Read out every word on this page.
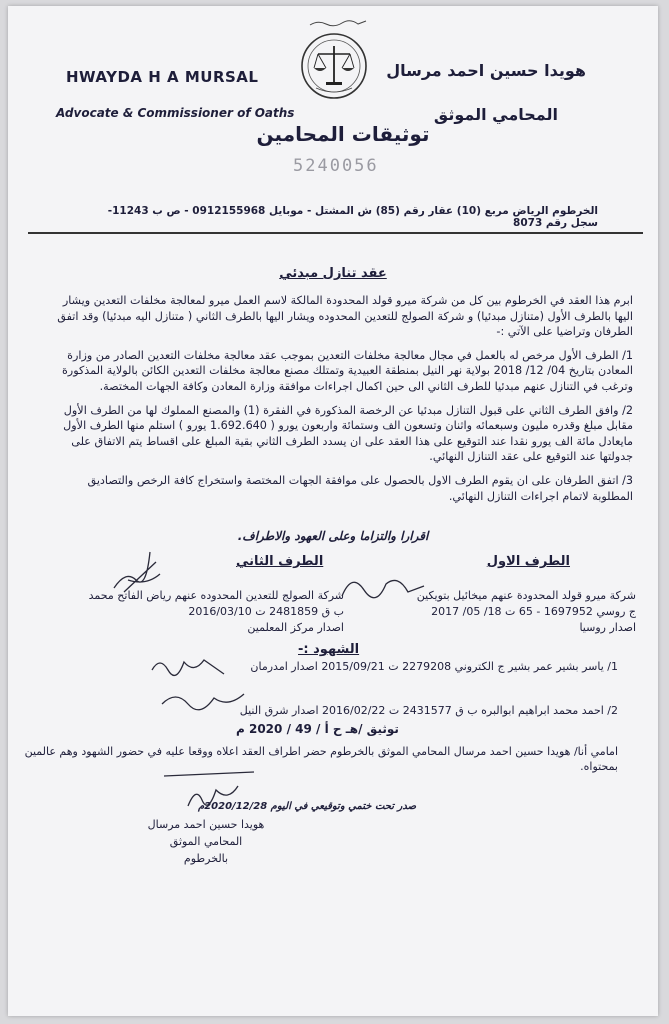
HWAYDA H A MURSAL
Advocate & Commissioner of Oaths
هويدا حسين احمد مرسال
المحامي الموثق
توثيقات المحامين
5240056
الخرطوم الرياض مربع (10) عقار رقم (85) ش المشتل - موبايل 0912155968 - ص ب 11243- سجل رقم 8073
عقد تنازل مبدئي

ابرم هذا العقد في الخرطوم بين كل من شركة ميرو قولد المحدودة المالكة لاسم العمل ميرو لمعالجة مخلفات التعدين ويشار اليها بالطرف الأول (متنازل مبدئيا) و شركة الصولج للتعدين المحدوده ويشار اليها بالطرف الثاني ( متنازل اليه مبدئيا) وقد اتفق الطرفان وتراضيا على الآتي :-

1/ الطرف الأول مرخص له بالعمل في مجال معالجة مخلفات التعدين بموجب عقد معالجة مخلفات التعدين الصادر من وزارة المعادن بتاريخ 04/ 12/ 2018 بولاية نهر النيل بمنطقة العبيدية وتمتلك مصنع معالجة مخلفات التعدين الكائن بالولاية المذكورة وترغب في التنازل عنهم مبدئيا للطرف الثاني الى حين اكمال اجراءات موافقة وزارة المعادن وكافة الجهات المختصة.

2/ وافق الطرف الثاني على قبول التنازل مبدئيا عن الرخصة المذكورة في الفقرة (1) والمصنع المملوك لها من الطرف الأول مقابل مبلغ وقدره مليون وسبعمائه واثنان وتسعون الف وستمائة واربعون يورو ( 1.692.640 يورو ) استلم منها الطرف الأول مايعادل مائة الف يورو نقدا عند التوقيع على هذا العقد على ان يسدد الطرف الثاني بقية المبلغ على اقساط يتم الاتفاق على جدولتها عند التوقيع على عقد التنازل النهائي.

3/ اتفق الطرفان على ان يقوم الطرف الاول بالحصول على موافقة الجهات المختصة واستخراج كافة الرخص والتصاديق المطلوبة لاتمام اجراءات التنازل النهائي.

اقرارا والتزاما وعلى العهود والاطراف.
الطرف الاول
الطرف الثاني
شركة ميرو قولد المحدودة عنهم ميخائيل بتويكين
ج روسي 1697952 - 65 ت 18/ 05/ 2017
اصدار روسيا
شركة الصولج للتعدين المحدوده عنهم رياض الفاتح محمد
ب ق 2481859 ت 2016/03/10
اصدار مركز المعلمين
الشهود :-
1/ ياسر بشير عمر بشير ج الكتروني 2279208 ت 2015/09/21 اصدار امدرمان
2/ احمد محمد ابراهيم ابوالبره ب ق 2431577 ت 2016/02/22 اصدار شرق النيل
توثيق /هـ ح أ / 49 / 2020 م
امامي أنا/ هويدا حسين احمد مرسال المحامي الموثق بالخرطوم حضر اطراف العقد اعلاه ووقعا عليه في حضور الشهود وهم عالمين بمحتواه.
صدر تحت ختمي وتوقيعي في اليوم 2020/12/28م
هويدا حسين احمد مرسال
المحامي الموثق
بالخرطوم
